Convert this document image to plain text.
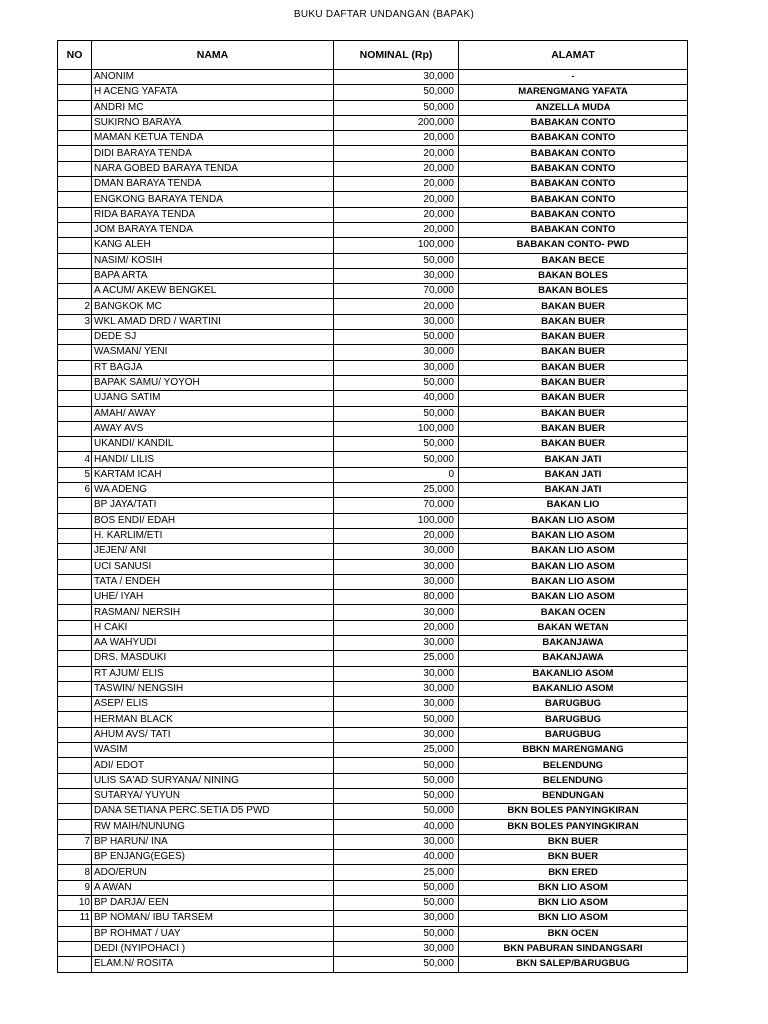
BUKU DAFTAR UNDANGAN (BAPAK)
NO	NAMA	NOMINAL (Rp)	ALAMAT
	ANONIM	30,000	-
	H ACENG YAFATA	50,000	MARENGMANG YAFATA
	ANDRI MC	50,000	ANZELLA MUDA
	SUKIRNO BARAYA	200,000	BABAKAN CONTO
	MAMAN KETUA TENDA	20,000	BABAKAN CONTO
	DIDI BARAYA TENDA	20,000	BABAKAN CONTO
	NARA GOBED BARAYA TENDA	20,000	BABAKAN CONTO
	DMAN BARAYA TENDA	20,000	BABAKAN CONTO
	ENGKONG BARAYA TENDA	20,000	BABAKAN CONTO
	RIDA BARAYA TENDA	20,000	BABAKAN CONTO
	JOM BARAYA TENDA	20,000	BABAKAN CONTO
	KANG ALEH	100,000	BABAKAN CONTO- PWD
	NASIM/ KOSIH	50,000	BAKAN BECE
	BAPA ARTA	30,000	BAKAN BOLES
	A ACUM/ AKEW BENGKEL	70,000	BAKAN BOLES
2	BANGKOK MC	20,000	BAKAN BUER
3	WKL AMAD DRD / WARTINI	30,000	BAKAN BUER
	DEDE SJ	50,000	BAKAN BUER
	WASMAN/ YENI	30,000	BAKAN BUER
	RT BAGJA	30,000	BAKAN BUER
	BAPAK SAMU/ YOYOH	50,000	BAKAN BUER
	UJANG SATIM	40,000	BAKAN BUER
	AMAH/ AWAY	50,000	BAKAN BUER
	AWAY AVS	100,000	BAKAN BUER
	UKANDI/ KANDIL	50,000	BAKAN BUER
4	HANDI/ LILIS	50,000	BAKAN JATI
5	KARTAM ICAH	0	BAKAN JATI
6	WA ADENG	25,000	BAKAN JATI
	BP JAYA/TATI	70,000	BAKAN LIO
	BOS ENDI/ EDAH	100,000	BAKAN LIO ASOM
	H. KARLIM/ETI	20,000	BAKAN LIO ASOM
	JEJEN/ ANI	30,000	BAKAN LIO ASOM
	UCI SANUSI	30,000	BAKAN LIO ASOM
	TATA / ENDEH	30,000	BAKAN LIO ASOM
	UHE/ IYAH	80,000	BAKAN LIO ASOM
	RASMAN/ NERSIH	30,000	BAKAN OCEN
	H CAKI	20,000	BAKAN WETAN
	AA WAHYUDI	30,000	BAKANJAWA
	DRS. MASDUKI	25,000	BAKANJAWA
	RT AJUM/ ELIS	30,000	BAKANLIO ASOM
	TASWIN/ NENGSIH	30,000	BAKANLIO ASOM
	ASEP/ ELIS	30,000	BARUGBUG
	HERMAN BLACK	50,000	BARUGBUG
	AHUM AVS/ TATI	30,000	BARUGBUG
	WASIM	25,000	BBKN MARENGMANG
	ADI/ EDOT	50,000	BELENDUNG
	ULIS SA'AD SURYANA/ NINING	50,000	BELENDUNG
	SUTARYA/ YUYUN	50,000	BENDUNGAN
	DANA SETIANA PERC.SETIA D5 PWD	50,000	BKN BOLES PANYINGKIRAN
	RW MAIH/NUNUNG	40,000	BKN BOLES PANYINGKIRAN
7	BP HARUN/ INA	30,000	BKN BUER
	BP ENJANG(EGES)	40,000	BKN BUER
8	ADO/ERUN	25,000	BKN ERED
9	A AWAN	50,000	BKN LIO ASOM
10	BP DARJA/ EEN	50,000	BKN LIO ASOM
11	BP NOMAN/ IBU TARSEM	30,000	BKN LIO ASOM
	BP ROHMAT / UAY	50,000	BKN OCEN
	DEDI (NYIPOHACI )	30,000	BKN PABURAN SINDANGSARI
	ELAM.N/ ROSITA	50,000	BKN SALEP/BARUGBUG
